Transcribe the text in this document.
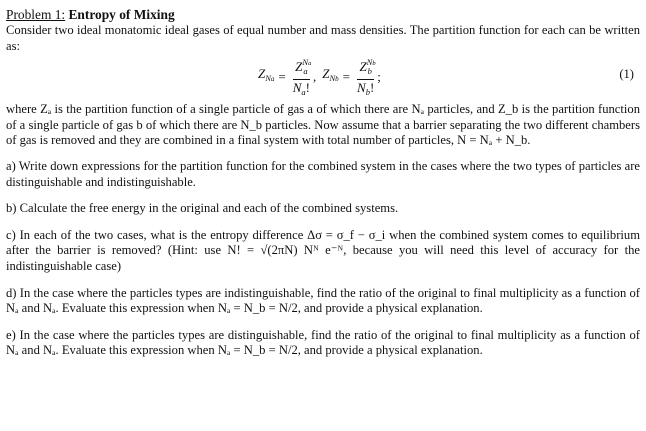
Problem 1: Entropy of Mixing

Consider two ideal monatomic ideal gases of equal number and mass densities. The partition function for each can be written as:

$Z_{Na} = \frac{Z^{Na}_a}{N_a!}$ , $Z_{Nb} = \frac{Z^{Nb}_b}{N_b!}$ ;	(1)

where Zₐ is the partition function of a single particle of gas a of which there are Nₐ particles, and Z_b is the partition function of a single particle of gas b of which there are N_b particles. Now assume that a barrier separating the two different chambers of gas is removed and they are combined in a final system with total number of particles, N = Nₐ + N_b.

a) Write down expressions for the partition function for the combined system in the cases where the two types of particles are distinguishable and indistinguishable.

b) Calculate the free energy in the original and each of the combined systems.

c) In each of the two cases, what is the entropy difference Δσ = σ_f − σ_i when the combined system comes to equilibrium after the barrier is removed? (Hint: use N! = √(2πN) Nᴺ e⁻ᴺ, because you will need this level of accuracy for the indistinguishable case)

d) In the case where the particles types are indistinguishable, find the ratio of the original to final multiplicity as a function of Nₐ and Nₐ. Evaluate this expression when Nₐ = N_b = N/2, and provide a physical explanation.

e) In the case where the particles types are distinguishable, find the ratio of the original to final multiplicity as a function of Nₐ and Nₐ. Evaluate this expression when Nₐ = N_b = N/2, and provide a physical explanation.
